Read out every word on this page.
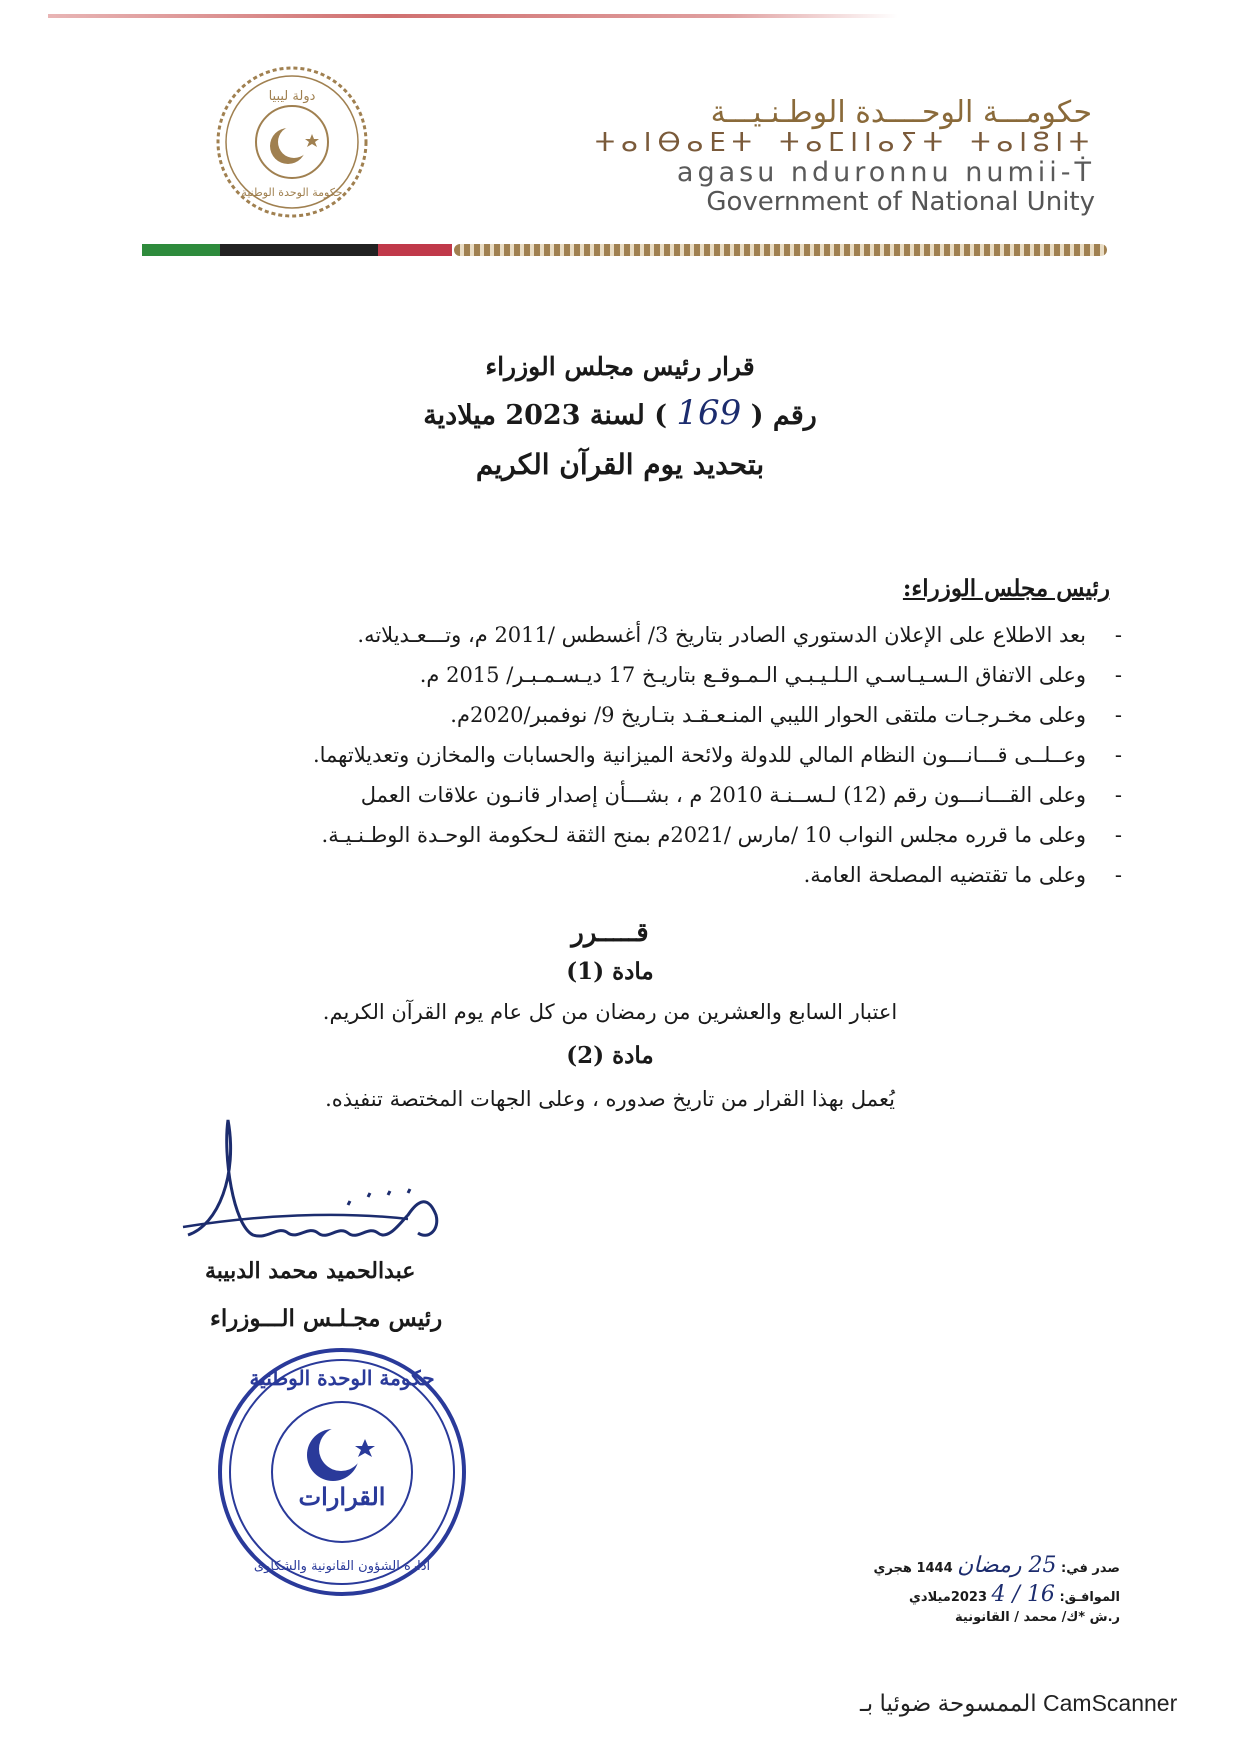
دولة ليبيا
حكومة الوحدة الوطنية
حكومـــة الوحــــدة الوطـنـيـــة
ⵜⴰⵏⴱⴰⴹⵜ ⵜⴰⵎⵏⵏⴰⵢⵜ ⵜⴰⵏⵓⵏⵜ
agasu nduronnu numii-Ṫ
Government of National Unity
قرار رئيس مجلس الوزراء
رقم ( 169 ) لسنة 2023 ميلادية
بتحديد يوم القرآن الكريم
رئيس مجلس الوزراء:
-
بعد الاطلاع على الإعلان الدستوري الصادر بتاريخ 3/ أغسطس /2011 م، وتـــعـديلاته.
-
وعلى الاتفاق الـسـيـاسـي الـلـيـبـي الـمـوقـع بتاريـخ 17 ديـسـمـبـر/ 2015 م.
-
وعلى مخـرجـات ملتقى الحوار الليبي المنـعـقـد بتـاريخ 9/ نوفمبر/2020م.
-
وعــلــى قـــانـــون النظام المالي للدولة ولائحة الميزانية والحسابات والمخازن وتعديلاتهما.
-
وعلى القـــانـــون رقم (12) لـســنـة 2010 م ، بشـــأن إصدار قانـون علاقات العمل
-
وعلى ما قرره مجلس النواب 10 /مارس /2021م بمنح الثقة لـحكومة الوحـدة الوطـنـيـة.
-
وعلى ما تقتضيه المصلحة العامة.
قـــــرر
مادة (1)
اعتبار السابع والعشرين من رمضان من كل عام يوم القرآن الكريم.
مادة (2)
يُعمل بهذا القرار من تاريخ صدوره ، وعلى الجهات المختصة تنفيذه.
عبدالحميد محمد الدبيبة
رئيس مجـلـس الـــوزراء
حكومة الوحدة الوطنية
القرارات
ادارة الشؤون القانونية والشكاوى	صدر في: 25 رمضان 1444 هجري
الموافـق: 16 / 4 2023ميلادي
ر.ش *ك/ محمد / القانونية
الممسوحة ضوئيا بـ CamScanner
